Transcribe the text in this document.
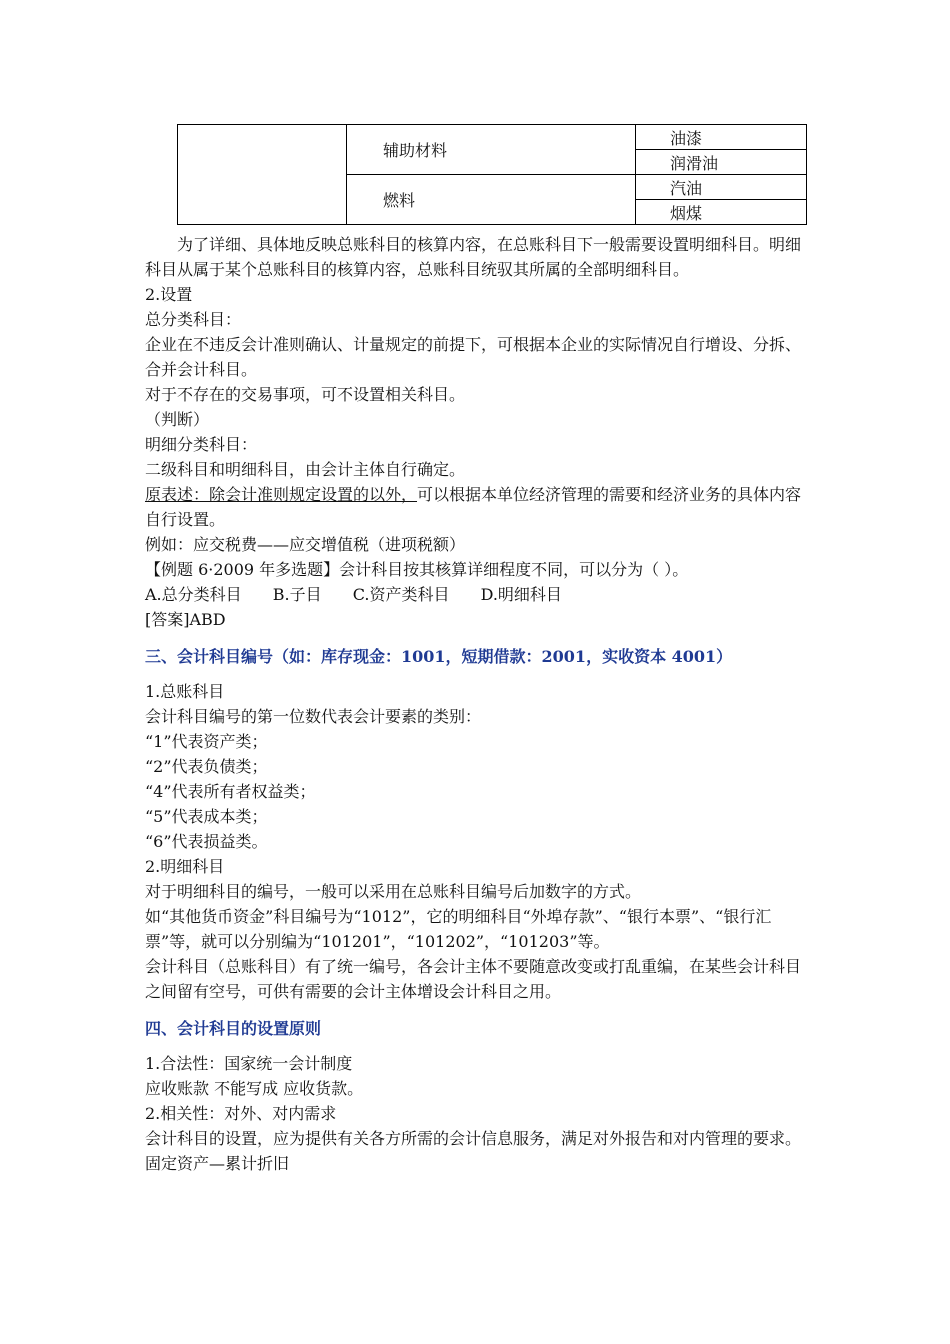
	辅助材料	油漆
		润滑油
	燃料	汽油
		烟煤

为了详细、具体地反映总账科目的核算内容，在总账科目下一般需要设置明细科目。明细科目从属于某个总账科目的核算内容，总账科目统驭其所属的全部明细科目。

2.设置

总分类科目：

企业在不违反会计准则确认、计量规定的前提下，可根据本企业的实际情况自行增设、分拆、合并会计科目。

对于不存在的交易事项，可不设置相关科目。

（判断）

明细分类科目：

二级科目和明细科目，由会计主体自行确定。

原表述：除会计准则规定设置的以外，可以根据本单位经济管理的需要和经济业务的具体内容自行设置。

例如：应交税费——应交增值税（进项税额）

【例题 6·2009 年多选题】会计科目按其核算详细程度不同，可以分为（ ）。

A.总分类科目 B.子目 C.资产类科目 D.明细科目

[答案]ABD

三、会计科目编号（如：库存现金：1001，短期借款：2001，实收资本 4001）

1.总账科目

会计科目编号的第一位数代表会计要素的类别：

“1”代表资产类；

“2”代表负债类；

“4”代表所有者权益类；

“5”代表成本类；

“6”代表损益类。

2.明细科目

对于明细科目的编号，一般可以采用在总账科目编号后加数字的方式。

如“其他货币资金”科目编号为“1012”，它的明细科目“外埠存款”、“银行本票”、“银行汇票”等，就可以分别编为“101201”，“101202”，“101203”等。

会计科目（总账科目）有了统一编号，各会计主体不要随意改变或打乱重编，在某些会计科目之间留有空号，可供有需要的会计主体增设会计科目之用。

四、会计科目的设置原则

1.合法性：国家统一会计制度

应收账款 不能写成 应收货款。

2.相关性：对外、对内需求

会计科目的设置，应为提供有关各方所需的会计信息服务，满足对外报告和对内管理的要求。

固定资产—累计折旧
